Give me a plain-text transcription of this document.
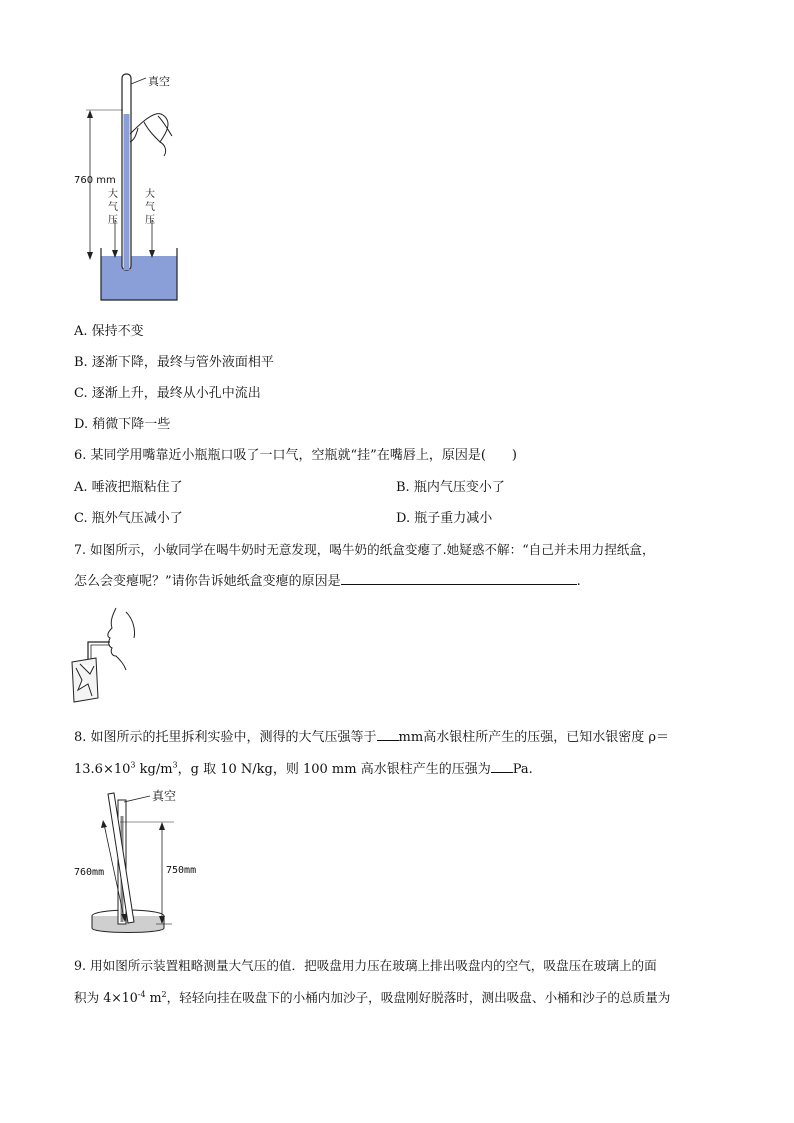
真空
760 mm
大
气
压
大
气
压
A. 保持不变
B. 逐渐下降，最终与管外液面相平
C. 逐渐上升，最终从小孔中流出
D. 稍微下降一些
6. 某同学用嘴靠近小瓶瓶口吸了一口气，空瓶就“挂”在嘴唇上，原因是(　　)
A. 唾液把瓶粘住了	B. 瓶内气压变小了
C. 瓶外气压减小了	D. 瓶子重力减小
7. 如图所示，小敏同学在喝牛奶时无意发现，喝牛奶的纸盒变瘪了.她疑惑不解：“自己并未用力捏纸盒，
怎么会变瘪呢？”请你告诉她纸盒变瘪的原因是	.
8. 如图所示的托里拆利实验中，测得的大气压强等于 mm高水银柱所产生的压强，已知水银密度 ρ＝
$13.6\times 10^3$ $kg/m^3$，g 取 10 N/kg，则 100 mm 高水银柱产生的压强为 Pa.
真空
760mm	750mm
9. 用如图所示装置粗略测量大气压的值．把吸盘用力压在玻璃上排出吸盘内的空气，吸盘压在玻璃上的面
积为 $4\times 10^{-4}$ $m^2$，轻轻向挂在吸盘下的小桶内加沙子，吸盘刚好脱落时，测出吸盘、小桶和沙子的总质量为
